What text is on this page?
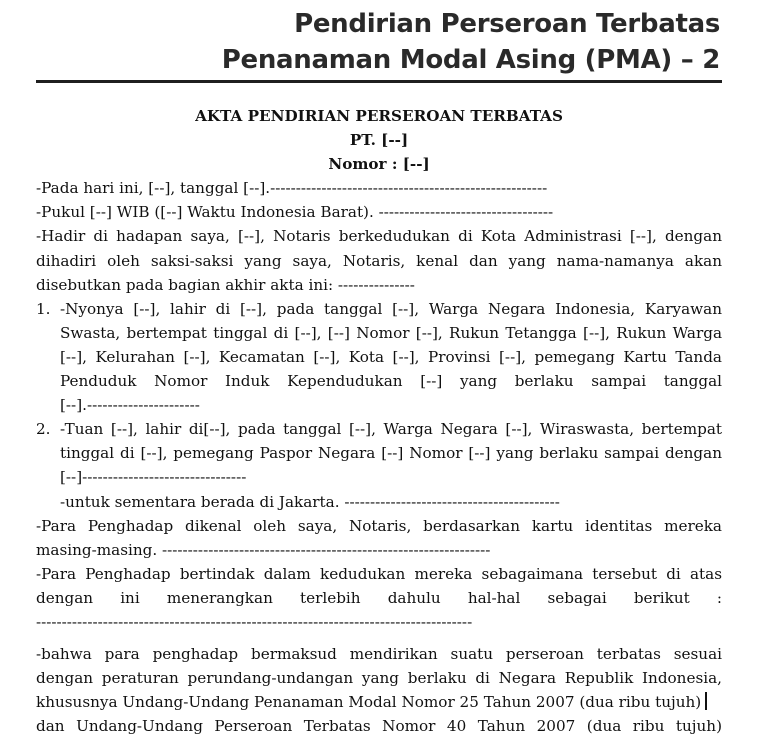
Pendirian Perseroan Terbatas
Penanaman Modal Asing (PMA) – 2
AKTA PENDIRIAN PERSEROAN TERBATAS
PT. [--]
Nomor : [--]
-Pada hari ini, [--], tanggal [--].------------------------------------------------------
-Pukul [--] WIB ([--] Waktu Indonesia Barat). ----------------------------------
-Hadir di hadapan saya, [--], Notaris berkedudukan di Kota Administrasi [--], dengan
dihadiri oleh saksi-saksi yang saya, Notaris, kenal dan yang nama-namanya akan
disebutkan pada bagian akhir akta ini: ---------------
1. -Nyonya [--], lahir di [--], pada tanggal [--], Warga Negara Indonesia, Karyawan
Swasta, bertempat tinggal di [--], [--] Nomor [--], Rukun Tetangga [--], Rukun Warga
[--], Kelurahan [--], Kecamatan [--], Kota [--], Provinsi [--], pemegang Kartu Tanda
Penduduk Nomor Induk Kependudukan [--] yang berlaku sampai tanggal
[--].----------------------
2. -Tuan [--], lahir di[--], pada tanggal [--], Warga Negara [--], Wiraswasta, bertempat
tinggal di [--], pemegang Paspor Negara [--] Nomor [--] yang berlaku sampai dengan
[--]--------------------------------
-untuk sementara berada di Jakarta. ------------------------------------------
-Para Penghadap dikenal oleh saya, Notaris, berdasarkan kartu identitas mereka
masing-masing. ----------------------------------------------------------------
-Para Penghadap bertindak dalam kedudukan mereka sebagaimana tersebut di atas
dengan ini menerangkan terlebih dahulu hal-hal sebagai berikut :
-------------------------------------------------------------------------------------
-bahwa para penghadap bermaksud mendirikan suatu perseroan terbatas sesuai
dengan peraturan perundang-undangan yang berlaku di Negara Republik Indonesia,
khususnya Undang-Undang Penanaman Modal Nomor 25 Tahun 2007 (dua ribu tujuh)
dan Undang-Undang Perseroan Terbatas Nomor 40 Tahun 2007 (dua ribu tujuh)
